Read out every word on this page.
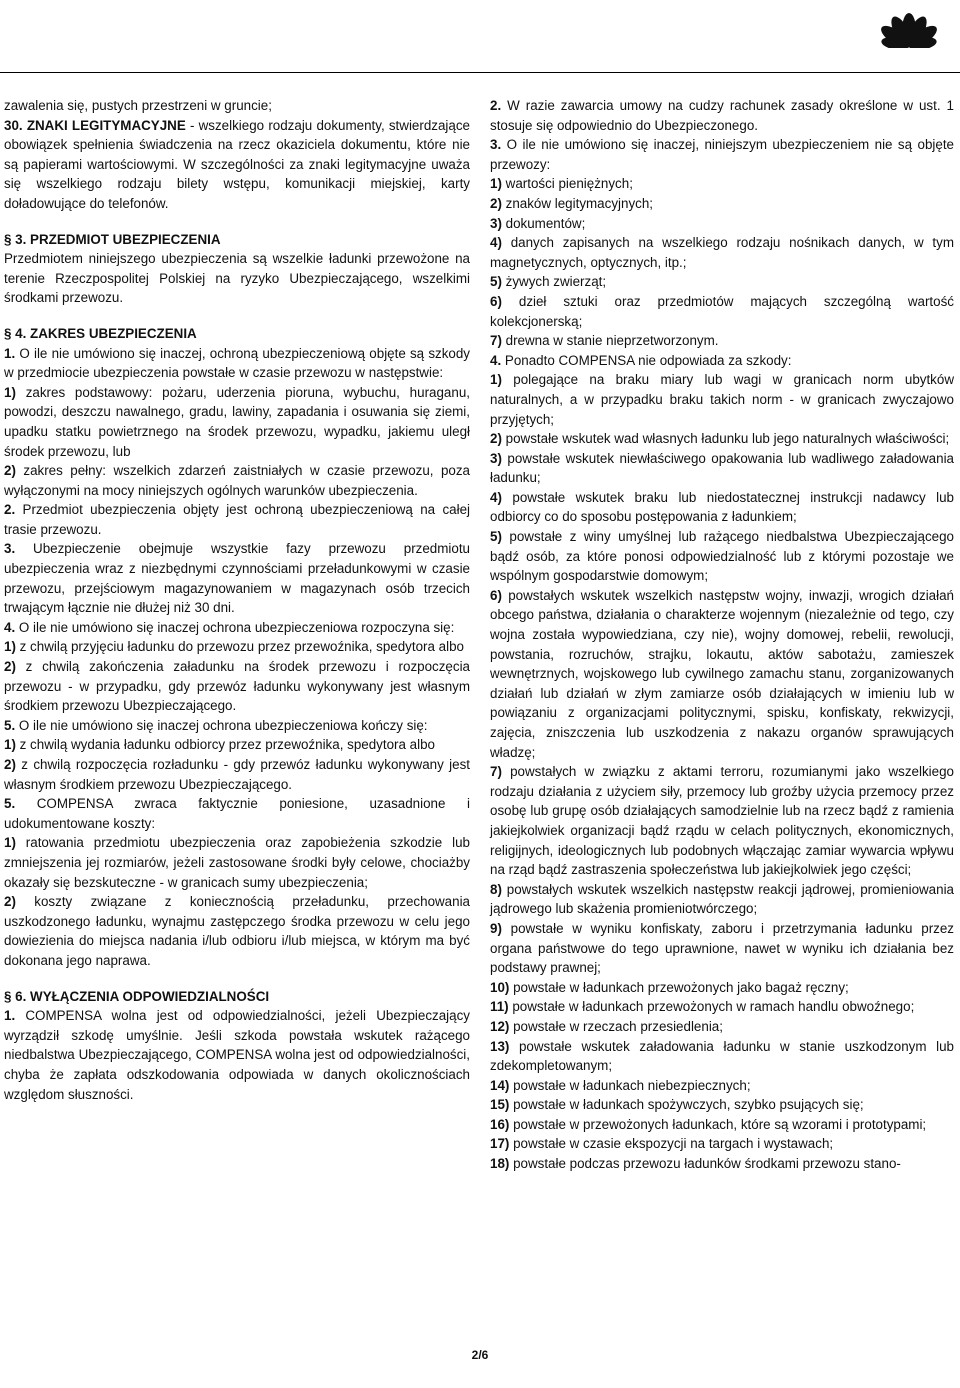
zawalenia się, pustych przestrzeni w gruncie;

30. ZNAKI LEGITYMACYJNE - wszelkiego rodzaju dokumenty, stwierdzające obowiązek spełnienia świadczenia na rzecz okaziciela dokumentu, które nie są papierami wartościowymi. W szczególności za znaki legitymacyjne uważa się wszelkiego rodzaju bilety wstępu, komunikacji miejskiej, karty doładowujące do telefonów.

§ 3. PRZEDMIOT UBEZPIECZENIA

Przedmiotem niniejszego ubezpieczenia są wszelkie ładunki przewożone na terenie Rzeczpospolitej Polskiej na ryzyko Ubezpieczającego, wszelkimi środkami przewozu.

§ 4. ZAKRES UBEZPIECZENIA

1. O ile nie umówiono się inaczej, ochroną ubezpieczeniową objęte są szkody w przedmiocie ubezpieczenia powstałe w czasie przewozu w następstwie:

1) zakres podstawowy: pożaru, uderzenia pioruna, wybuchu, huraganu, powodzi, deszczu nawalnego, gradu, lawiny, zapadania i osuwania się ziemi, upadku statku powietrznego na środek przewozu, wypadku, jakiemu uległ środek przewozu, lub

2) zakres pełny: wszelkich zdarzeń zaistniałych w czasie przewozu, poza wyłączonymi na mocy niniejszych ogólnych warunków ubezpieczenia.

2. Przedmiot ubezpieczenia objęty jest ochroną ubezpieczeniową na całej trasie przewozu.

3. Ubezpieczenie obejmuje wszystkie fazy przewozu przedmiotu ubezpieczenia wraz z niezbędnymi czynnościami przeładunkowymi w czasie przewozu, przejściowym magazynowaniem w magazynach osób trzecich trwającym łącznie nie dłużej niż 30 dni.

4. O ile nie umówiono się inaczej ochrona ubezpieczeniowa rozpoczyna się:

1) z chwilą przyjęciu ładunku do przewozu przez przewoźnika, spedytora albo

2) z chwilą zakończenia załadunku na środek przewozu i rozpoczęcia przewozu - w przypadku, gdy przewóz ładunku wykonywany jest własnym środkiem przewozu Ubezpieczającego.

5. O ile nie umówiono się inaczej ochrona ubezpieczeniowa kończy się:

1) z chwilą wydania ładunku odbiorcy przez przewoźnika, spedytora albo

2) z chwilą rozpoczęcia rozładunku - gdy przewóz ładunku wykonywany jest własnym środkiem przewozu Ubezpieczającego.

5. COMPENSA zwraca faktycznie poniesione, uzasadnione i udokumentowane koszty:

1) ratowania przedmiotu ubezpieczenia oraz zapobieżenia szkodzie lub zmniejszenia jej rozmiarów, jeżeli zastosowane środki były celowe, chociażby okazały się bezskuteczne - w granicach sumy ubezpieczenia;

2) koszty związane z koniecznością przeładunku, przechowania uszkodzonego ładunku, wynajmu zastępczego środka przewozu w celu jego dowiezienia do miejsca nadania i/lub odbioru i/lub miejsca, w którym ma być dokonana jego naprawa.

§ 6. WYŁĄCZENIA ODPOWIEDZIALNOŚCI

1. COMPENSA wolna jest od odpowiedzialności, jeżeli Ubezpieczający wyrządził szkodę umyślnie. Jeśli szkoda powstała wskutek rażącego niedbalstwa Ubezpieczającego, COMPENSA wolna jest od odpowiedzialności, chyba że zapłata odszkodowania odpowiada w danych okolicznościach względom słuszności.

2. W razie zawarcia umowy na cudzy rachunek zasady określone w ust. 1 stosuje się odpowiednio do Ubezpieczonego.

3. O ile nie umówiono się inaczej, niniejszym ubezpieczeniem nie są objęte przewozy:

1) wartości pieniężnych;

2) znaków legitymacyjnych;

3) dokumentów;

4) danych zapisanych na wszelkiego rodzaju nośnikach danych, w tym magnetycznych, optycznych, itp.;

5) żywych zwierząt;

6) dzieł sztuki oraz przedmiotów mających szczególną wartość kolekcjonerską;

7) drewna w stanie nieprzetworzonym.

4. Ponadto COMPENSA nie odpowiada za szkody:

1) polegające na braku miary lub wagi w granicach norm ubytków naturalnych, a w przypadku braku takich norm - w granicach zwyczajowo przyjętych;

2) powstałe wskutek wad własnych ładunku lub jego naturalnych właściwości;

3) powstałe wskutek niewłaściwego opakowania lub wadliwego załadowania ładunku;

4) powstałe wskutek braku lub niedostatecznej instrukcji nadawcy lub odbiorcy co do sposobu postępowania z ładunkiem;

5) powstałe z winy umyślnej lub rażącego niedbalstwa Ubezpieczającego bądź osób, za które ponosi odpowiedzialność lub z którymi pozostaje we wspólnym gospodarstwie domowym;

6) powstałych wskutek wszelkich następstw wojny, inwazji, wrogich działań obcego państwa, działania o charakterze wojennym (niezależnie od tego, czy wojna została wypowiedziana, czy nie), wojny domowej, rebelii, rewolucji, powstania, rozruchów, strajku, lokautu, aktów sabotażu, zamieszek wewnętrznych, wojskowego lub cywilnego zamachu stanu, zorganizowanych działań lub działań w złym zamiarze osób działających w imieniu lub w powiązaniu z organizacjami politycznymi, spisku, konfiskaty, rekwizycji, zajęcia, zniszczenia lub uszkodzenia z nakazu organów sprawujących władzę;

7) powstałych w związku z aktami terroru, rozumianymi jako wszelkiego rodzaju działania z użyciem siły, przemocy lub groźby użycia przemocy przez osobę lub grupę osób działających samodzielnie lub na rzecz bądź z ramienia jakiejkolwiek organizacji bądź rządu w celach politycznych, ekonomicznych, religijnych, ideologicznych lub podobnych włączając zamiar wywarcia wpływu na rząd bądź zastraszenia społeczeństwa lub jakiejkolwiek jego części;

8) powstałych wskutek wszelkich następstw reakcji jądrowej, promieniowania jądrowego lub skażenia promieniotwórczego;

9) powstałe w wyniku konfiskaty, zaboru i przetrzymania ładunku przez organa państwowe do tego uprawnione, nawet w wyniku ich działania bez podstawy prawnej;

10) powstałe w ładunkach przewożonych jako bagaż ręczny;

11) powstałe w ładunkach przewożonych w ramach handlu obwoźnego;

12) powstałe w rzeczach przesiedlenia;

13) powstałe wskutek załadowania ładunku w stanie uszkodzonym lub zdekompletowanym;

14) powstałe w ładunkach niebezpiecznych;

15) powstałe w ładunkach spożywczych, szybko psujących się;

16) powstałe w przewożonych ładunkach, które są wzorami i prototypami;

17) powstałe w czasie ekspozycji na targach i wystawach;

18) powstałe podczas przewozu ładunków środkami przewozu stano-

2/6
